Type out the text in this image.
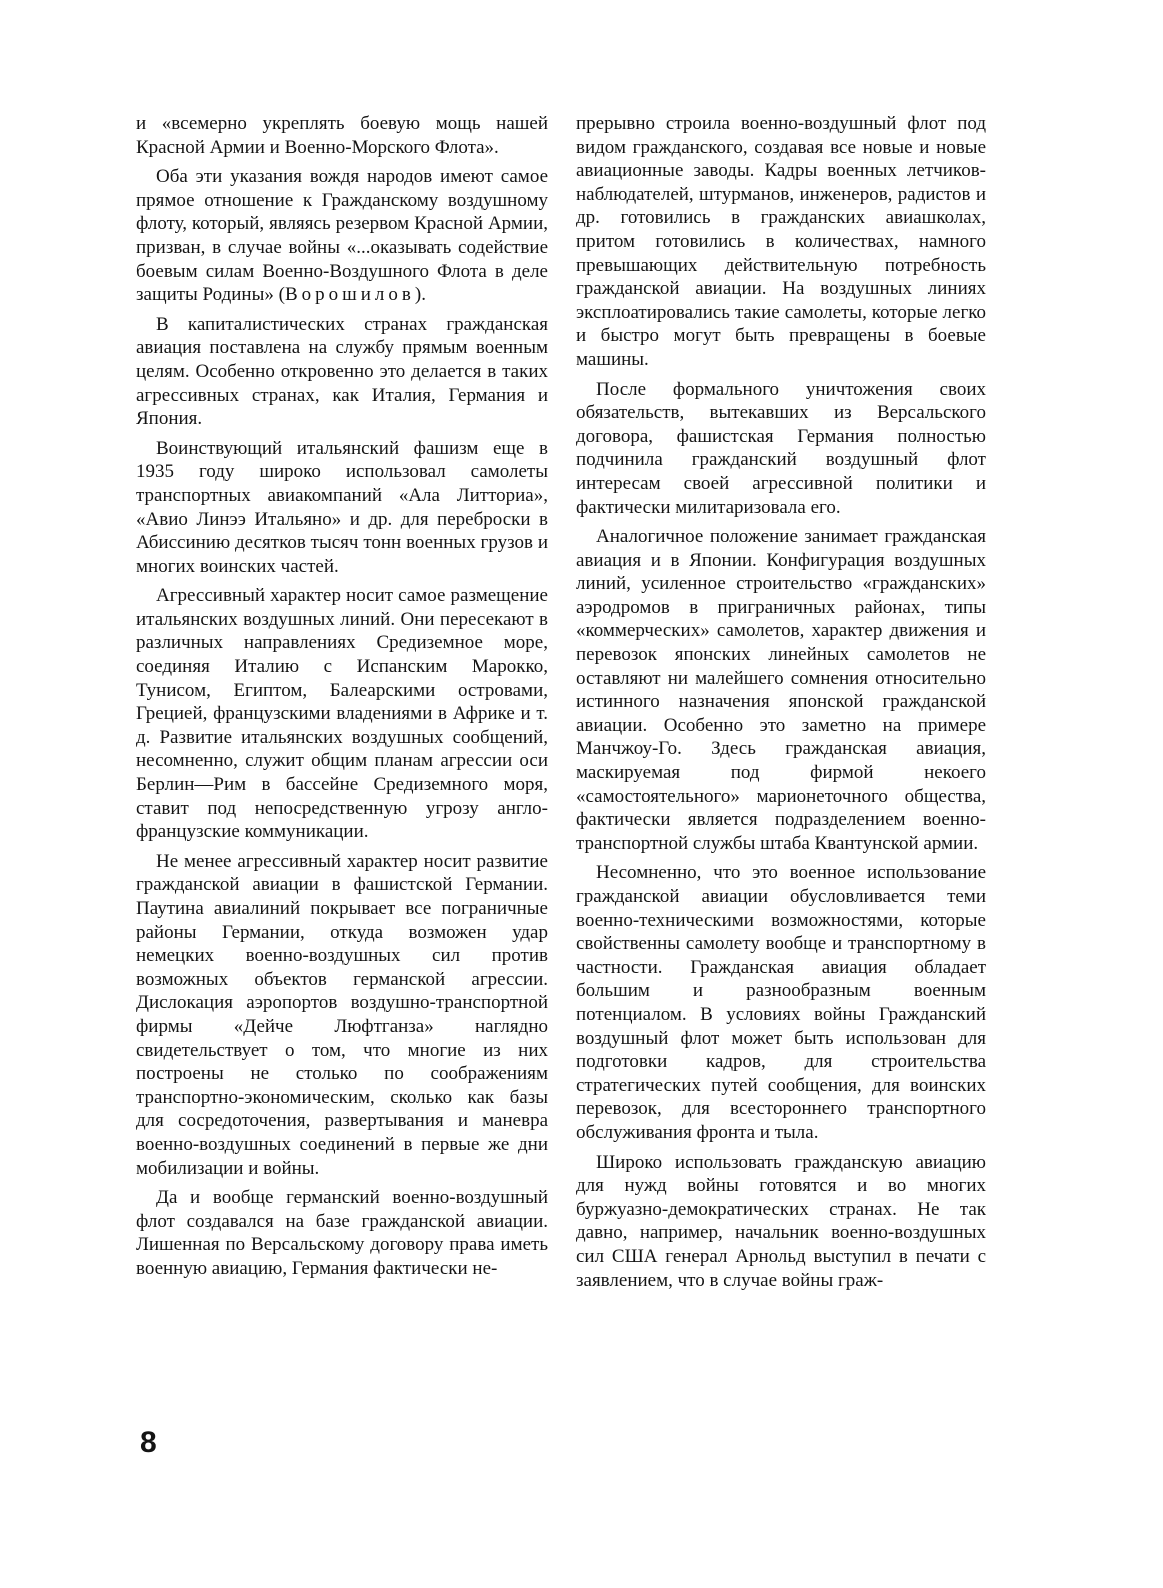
и «всемерно укреплять боевую мощь нашей Красной Армии и Военно-Морского Флота».

Оба эти указания вождя народов имеют самое прямое отношение к Гражданскому воздушному флоту, который, являясь резервом Красной Армии, призван, в случае войны «...оказывать содействие боевым силам Военно-Воздушного Флота в деле защиты Родины» (Ворошилов).

В капиталистических странах гражданская авиация поставлена на службу прямым военным целям. Особенно откровенно это делается в таких агрессивных странах, как Италия, Германия и Япония.

Воинствующий итальянский фашизм еще в 1935 году широко использовал самолеты транспортных авиакомпаний «Ала Литториа», «Авио Линээ Итальяно» и др. для переброски в Абиссинию десятков тысяч тонн военных грузов и многих воинских частей.

Агрессивный характер носит самое размещение итальянских воздушных линий. Они пересекают в различных направлениях Средиземное море, соединяя Италию с Испанским Марокко, Тунисом, Египтом, Балеарскими островами, Грецией, французскими владениями в Африке и т. д. Развитие итальянских воздушных сообщений, несомненно, служит общим планам агрессии оси Берлин—Рим в бассейне Средиземного моря, ставит под непосредственную угрозу англо-французские коммуникации.

Не менее агрессивный характер носит развитие гражданской авиации в фашистской Германии. Паутина авиалиний покрывает все пограничные районы Германии, откуда возможен удар немецких военно-воздушных сил против возможных объектов германской агрессии. Дислокация аэропортов воздушно-транспортной фирмы «Дейче Люфтганза» наглядно свидетельствует о том, что многие из них построены не столько по соображениям транспортно-экономическим, сколько как базы для сосредоточения, развертывания и маневра военно-воздушных соединений в первые же дни мобилизации и войны.

Да и вообще германский военно-воздушный флот создавался на базе гражданской авиации. Лишенная по Версальскому договору права иметь военную авиацию, Германия фактически не-

прерывно строила военно-воздушный флот под видом гражданского, создавая все новые и новые авиационные заводы. Кадры военных летчиков-наблюдателей, штурманов, инженеров, радистов и др. готовились в гражданских авиашколах, притом готовились в количествах, намного превышающих действительную потребность гражданской авиации. На воздушных линиях эксплоатировались такие самолеты, которые легко и быстро могут быть превращены в боевые машины.

После формального уничтожения своих обязательств, вытекавших из Версальского договора, фашистская Германия полностью подчинила гражданский воздушный флот интересам своей агрессивной политики и фактически милитаризовала его.

Аналогичное положение занимает гражданская авиация и в Японии. Конфигурация воздушных линий, усиленное строительство «гражданских» аэродромов в приграничных районах, типы «коммерческих» самолетов, характер движения и перевозок японских линейных самолетов не оставляют ни малейшего сомнения относительно истинного назначения японской гражданской авиации. Особенно это заметно на примере Манчжоу-Го. Здесь гражданская авиация, маскируемая под фирмой некоего «самостоятельного» марионеточного общества, фактически является подразделением военно-транспортной службы штаба Квантунской армии.

Несомненно, что это военное использование гражданской авиации обусловливается теми военно-техническими возможностями, которые свойственны самолету вообще и транспортному в частности. Гражданская авиация обладает большим и разнообразным военным потенциалом. В условиях войны Гражданский воздушный флот может быть использован для подготовки кадров, для строительства стратегических путей сообщения, для воинских перевозок, для всестороннего транспортного обслуживания фронта и тыла.

Широко использовать гражданскую авиацию для нужд войны готовятся и во многих буржуазно-демократических странах. Не так давно, например, начальник военно-воздушных сил США генерал Арнольд выступил в печати с заявлением, что в случае войны граж-

8
